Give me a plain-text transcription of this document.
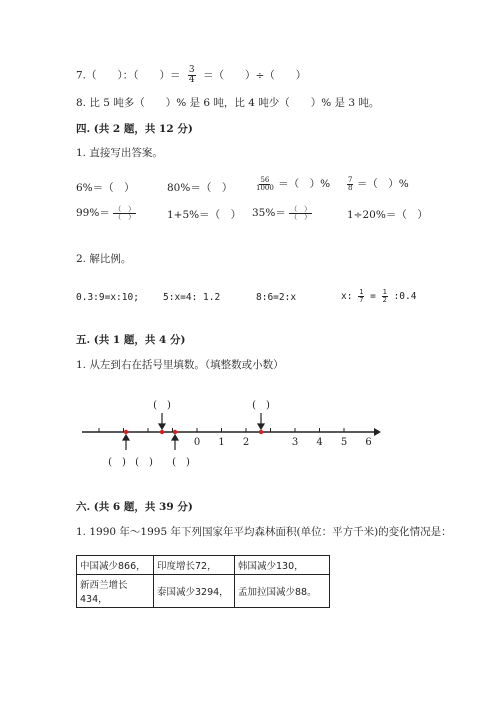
7.（　　）：（　　）＝ $\frac{3}{4}$ ＝（　　）÷（　　）
8. 比 5 吨多（　　）% 是 6 吨，比 4 吨少（　　）% 是 3 吨。
四. (共 2 题，共 12 分)
1. 直接写出答案。
6%＝（　）	80%＝（　）	$\frac{56}{1000}$ ＝（　）% $\frac{7}{8}$ ＝（　）%
$99\%= \frac{( )}{( )}$	1+5%＝（　） $35\%= \frac{( )}{( )}$	1÷20%＝（　）
2. 解比例。
0.3:9=x:10;	5:x=4: 1.2	8:6=2:x	x: $\frac{1}{7} = \frac{1}{2}$ :0.4
五. (共 1 题，共 4 分)
1. 从左到右在括号里填数。（填整数或小数）
0 1 2	3 4 5 6
(　)	(　)
(　) (　) (　)
六. (共 6 题，共 39 分)
1. 1990 年～1995 年下列国家年平均森林面积(单位：平方千米)的变化情况是：
中国减少866，	印度增长72，	韩国减少130，
新西兰增长434，	泰国减少3294，	孟加拉国减少88。
